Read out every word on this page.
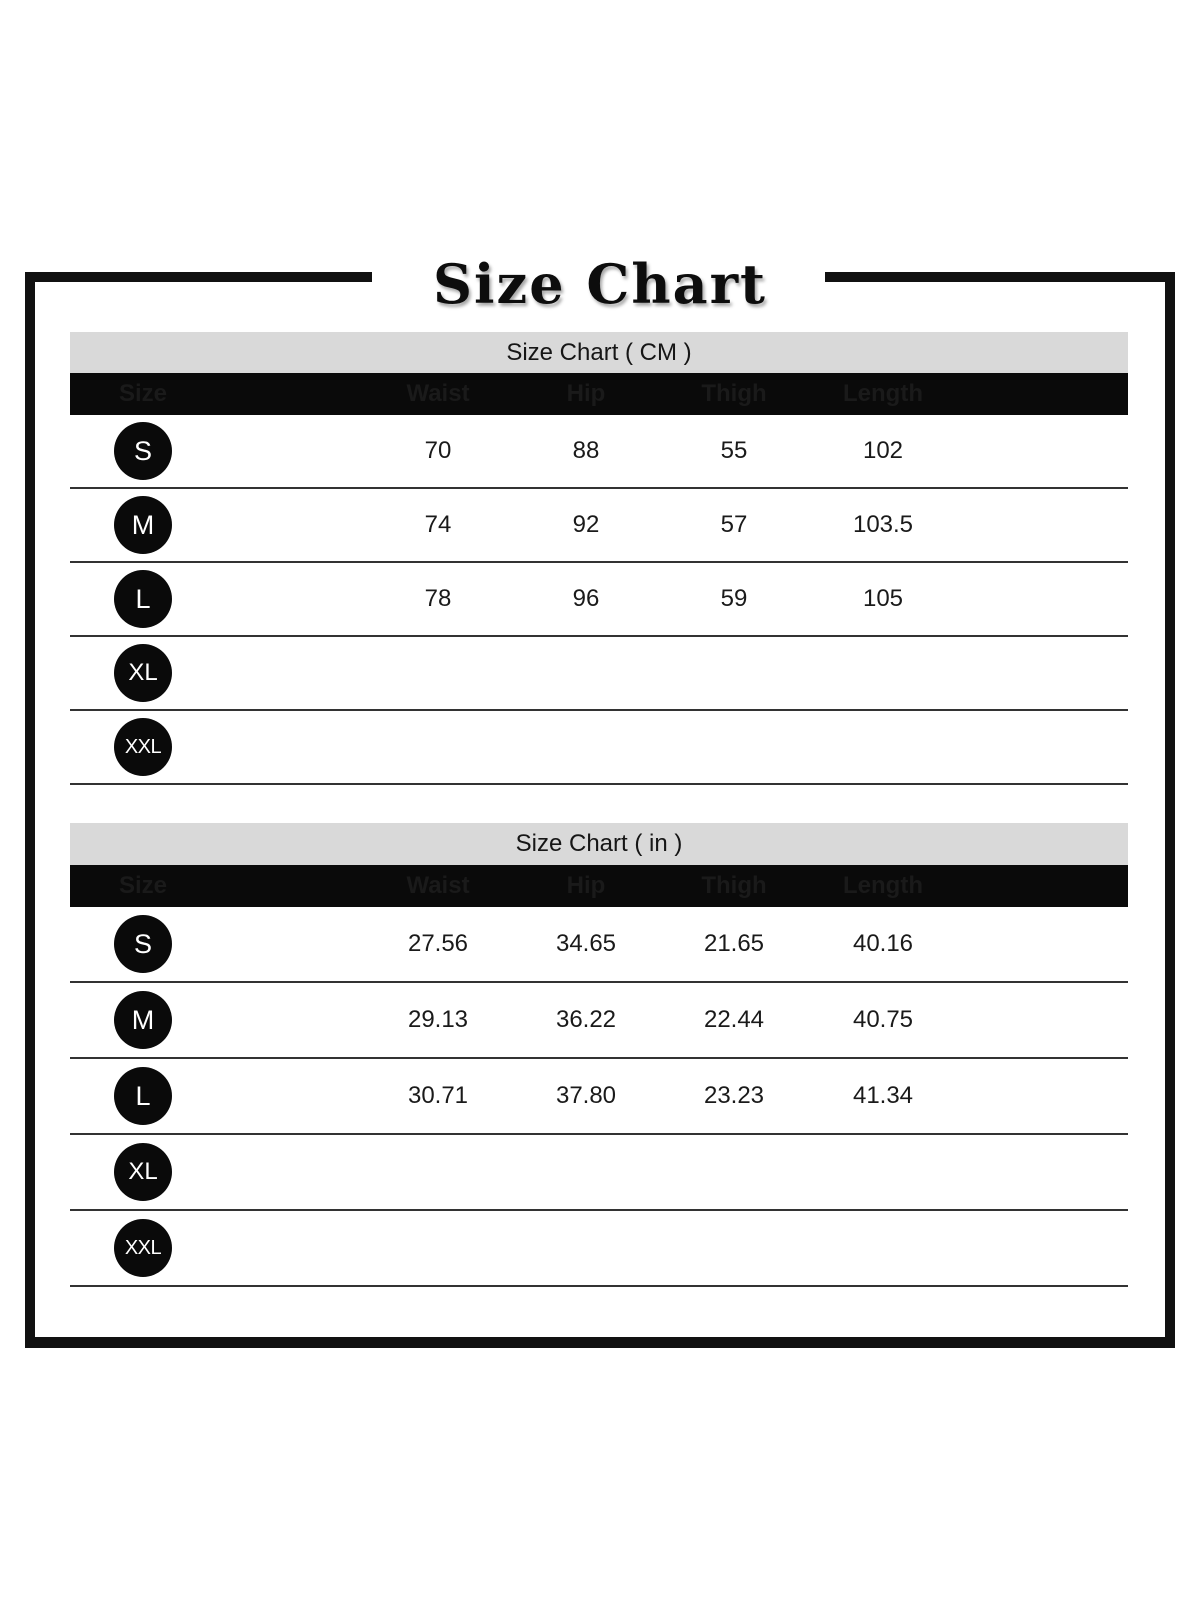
Size Chart
Size Chart ( CM )
Size	Waist	Hip	Thigh	Length
S	70	88	55	102
M	74	92	57	103.5
L	78	96	59	105
XL
XXL
Size Chart ( in )
Size	Waist	Hip	Thigh	Length
S	27.56	34.65	21.65	40.16
M	29.13	36.22	22.44	40.75
L	30.71	37.80	23.23	41.34
XL
XXL
